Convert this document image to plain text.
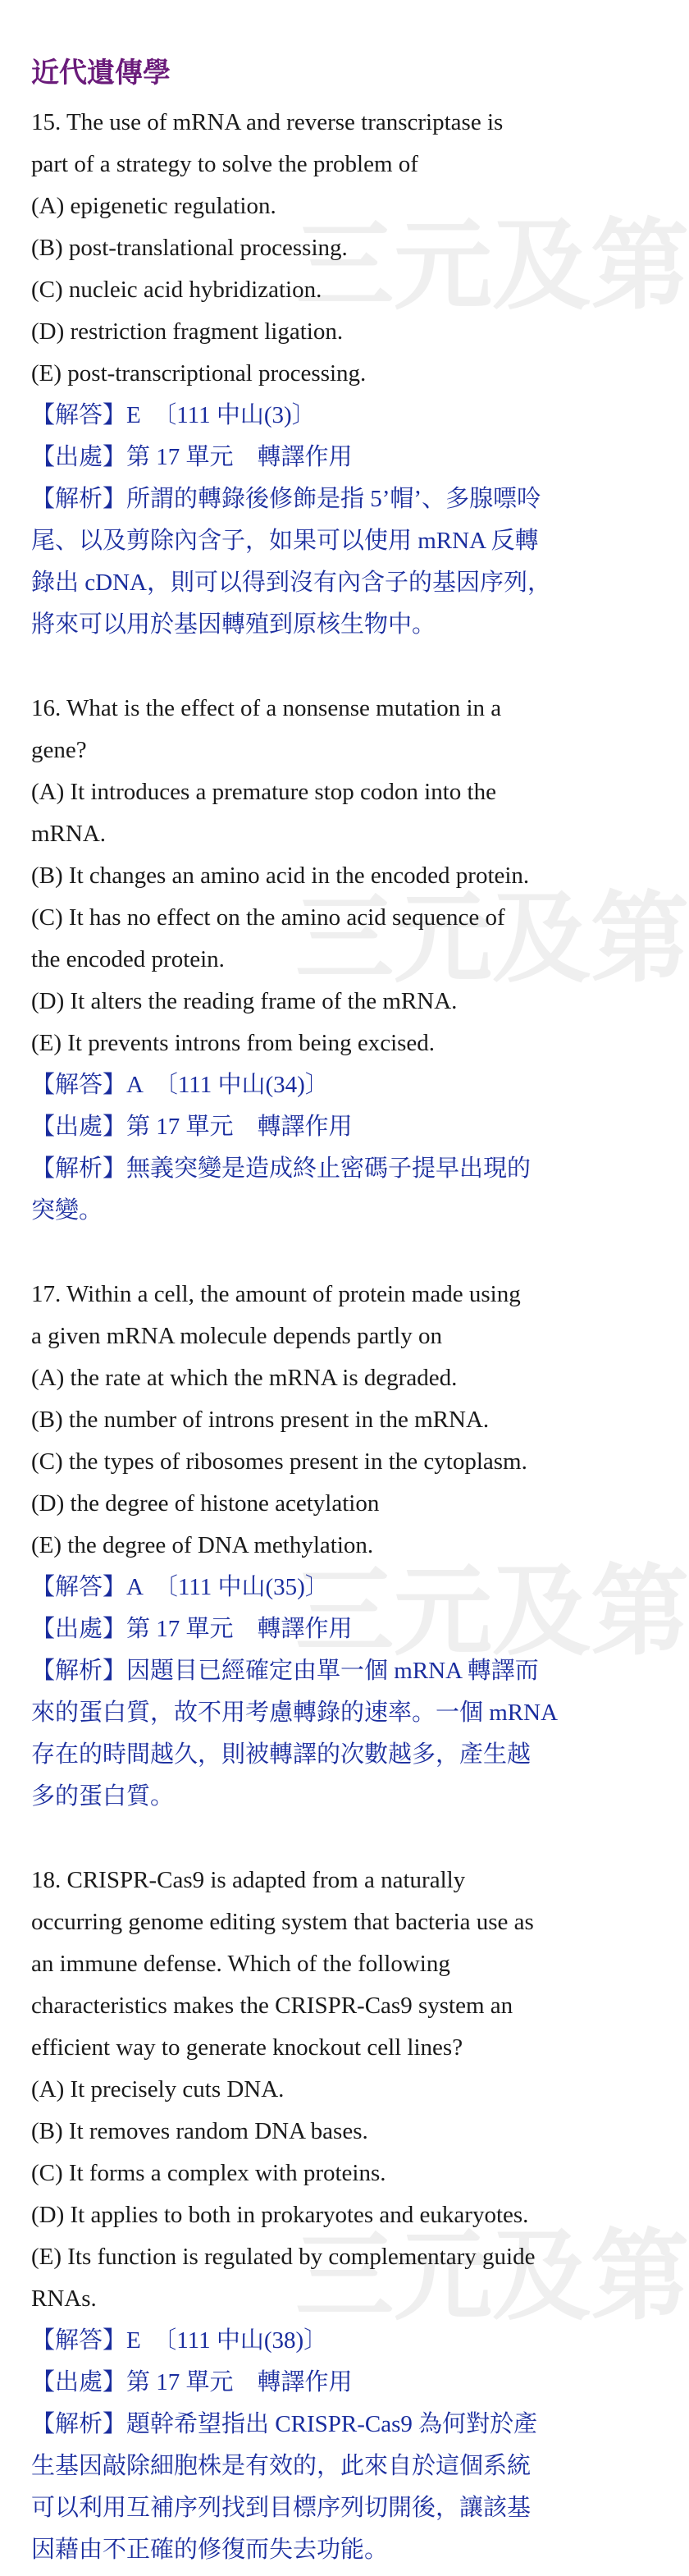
三 元 及 第
三 元 及 第
三 元 及 第
三 元 及 第
近代遺傳學

15. The use of mRNA and reverse transcriptase is

part of a strategy to solve the problem of

(A) epigenetic regulation.

(B) post-translational processing.

(C) nucleic acid hybridization.

(D) restriction fragment ligation.

(E) post-transcriptional processing.

【解答】E　〔111 中山(3)〕

【出處】第 17 單元　轉譯作用

【解析】所謂的轉錄後修飾是指 5’帽’、多腺嘌呤

尾、以及剪除內含子，如果可以使用 mRNA 反轉

錄出 cDNA，則可以得到沒有內含子的基因序列，

將來可以用於基因轉殖到原核生物中。

16. What is the effect of a nonsense mutation in a

gene?

(A) It introduces a premature stop codon into the

mRNA.

(B) It changes an amino acid in the encoded protein.

(C) It has no effect on the amino acid sequence of

the encoded protein.

(D) It alters the reading frame of the mRNA.

(E) It prevents introns from being excised.

【解答】A　〔111 中山(34)〕

【出處】第 17 單元　轉譯作用

【解析】無義突變是造成終止密碼子提早出現的

突變。

17. Within a cell, the amount of protein made using

a given mRNA molecule depends partly on

(A) the rate at which the mRNA is degraded.

(B) the number of introns present in the mRNA.

(C) the types of ribosomes present in the cytoplasm.

(D) the degree of histone acetylation

(E) the degree of DNA methylation.

【解答】A　〔111 中山(35)〕

【出處】第 17 單元　轉譯作用

【解析】因題目已經確定由單一個 mRNA 轉譯而

來的蛋白質，故不用考慮轉錄的速率。一個 mRNA

存在的時間越久，則被轉譯的次數越多，產生越

多的蛋白質。

18. CRISPR-Cas9 is adapted from a naturally

occurring genome editing system that bacteria use as

an immune defense. Which of the following

characteristics makes the CRISPR-Cas9 system an

efficient way to generate knockout cell lines?

(A) It precisely cuts DNA.

(B) It removes random DNA bases.

(C) It forms a complex with proteins.

(D) It applies to both in prokaryotes and eukaryotes.

(E) Its function is regulated by complementary guide

RNAs.

【解答】E　〔111 中山(38)〕

【出處】第 17 單元　轉譯作用

【解析】題幹希望指出 CRISPR-Cas9 為何對於產

生基因敲除細胞株是有效的，此來自於這個系統

可以利用互補序列找到目標序列切開後，讓該基

因藉由不正確的修復而失去功能。
